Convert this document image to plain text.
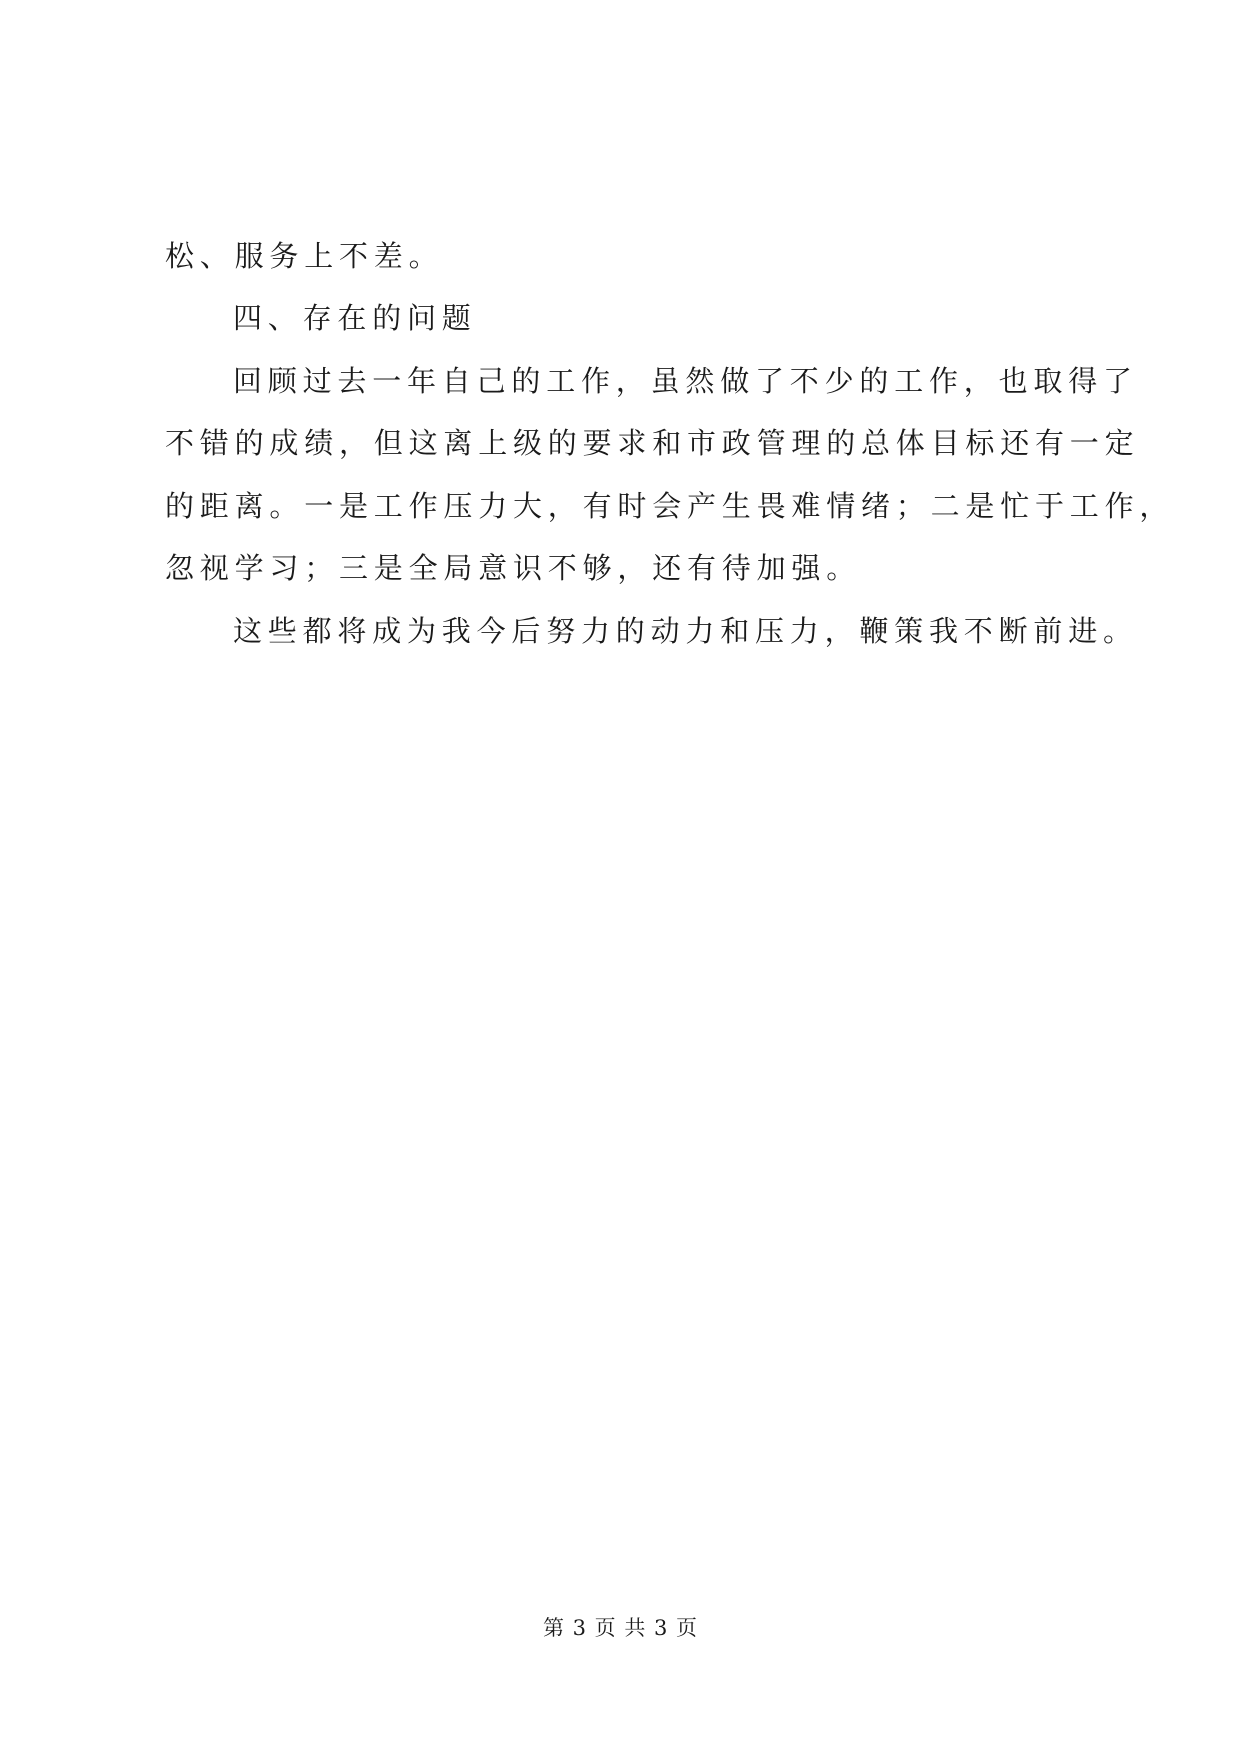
松、服务上不差。
四、存在的问题
回顾过去一年自己的工作，虽然做了不少的工作，也取得了
不错的成绩，但这离上级的要求和市政管理的总体目标还有一定
的距离。一是工作压力大，有时会产生畏难情绪；二是忙于工作，
忽视学习；三是全局意识不够，还有待加强。
这些都将成为我今后努力的动力和压力，鞭策我不断前进。
第 3 页 共 3 页
